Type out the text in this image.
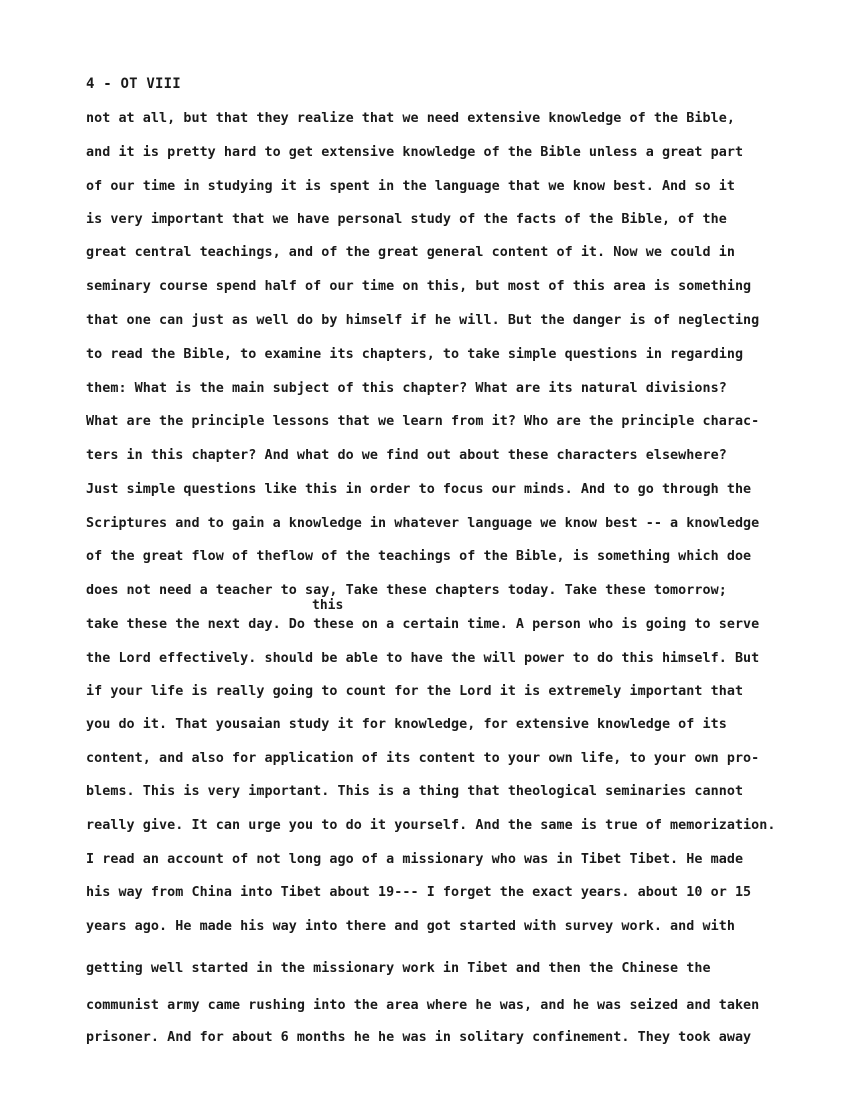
4 - OT VIII
this
not at all, but that they realize that we need extensive knowledge of the Bible,
and it is pretty hard to get extensive knowledge of the Bible unless a great part
of our time in studying it is spent in the language that we know best. And so it
is very important that we have personal study of the facts of the Bible, of the
great central teachings, and of the great general content of it. Now we could in
seminary course spend half of our time on this, but most of this area is something
that one can just as well do by himself if he will. But the danger is of neglecting
to read the Bible, to examine its chapters, to take simple questions in regarding
them: What is the main subject of this chapter? What are its natural divisions?
What are the principle lessons that we learn from it? Who are the principle charac-
ters in this chapter? And what do we find out about these characters elsewhere?
Just simple questions like this in order to focus our minds. And to go through the
Scriptures and to gain a knowledge in whatever language we know best -- a knowledge
of the great flow of theflow of the teachings of the Bible, is something which doe
does not need a teacher to say, Take these chapters today. Take these tomorrow;
take these the next day. Do these on a certain time. A person who is going to serve
the Lord effectively. should be able to have the will power to do this himself. But
if your life is really going to count for the Lord it is extremely important that
you do it. That yousaian study it for knowledge, for extensive knowledge of its
content, and also for application of its content to your own life, to your own pro-
blems. This is very important. This is a thing that theological seminaries cannot
really give. It can urge you to do it yourself. And the same is true of memorization.
I read an account of not long ago of a missionary who was in Tibet Tibet. He made
his way from China into Tibet about 19--- I forget the exact years. about 10 or 15
years ago. He made his way into there and got started with survey work. and with
getting well started in the missionary work in Tibet and then the Chinese the
communist army came rushing into the area where he was, and he was seized and taken
prisoner. And for about 6 months he he was in solitary confinement. They took away
